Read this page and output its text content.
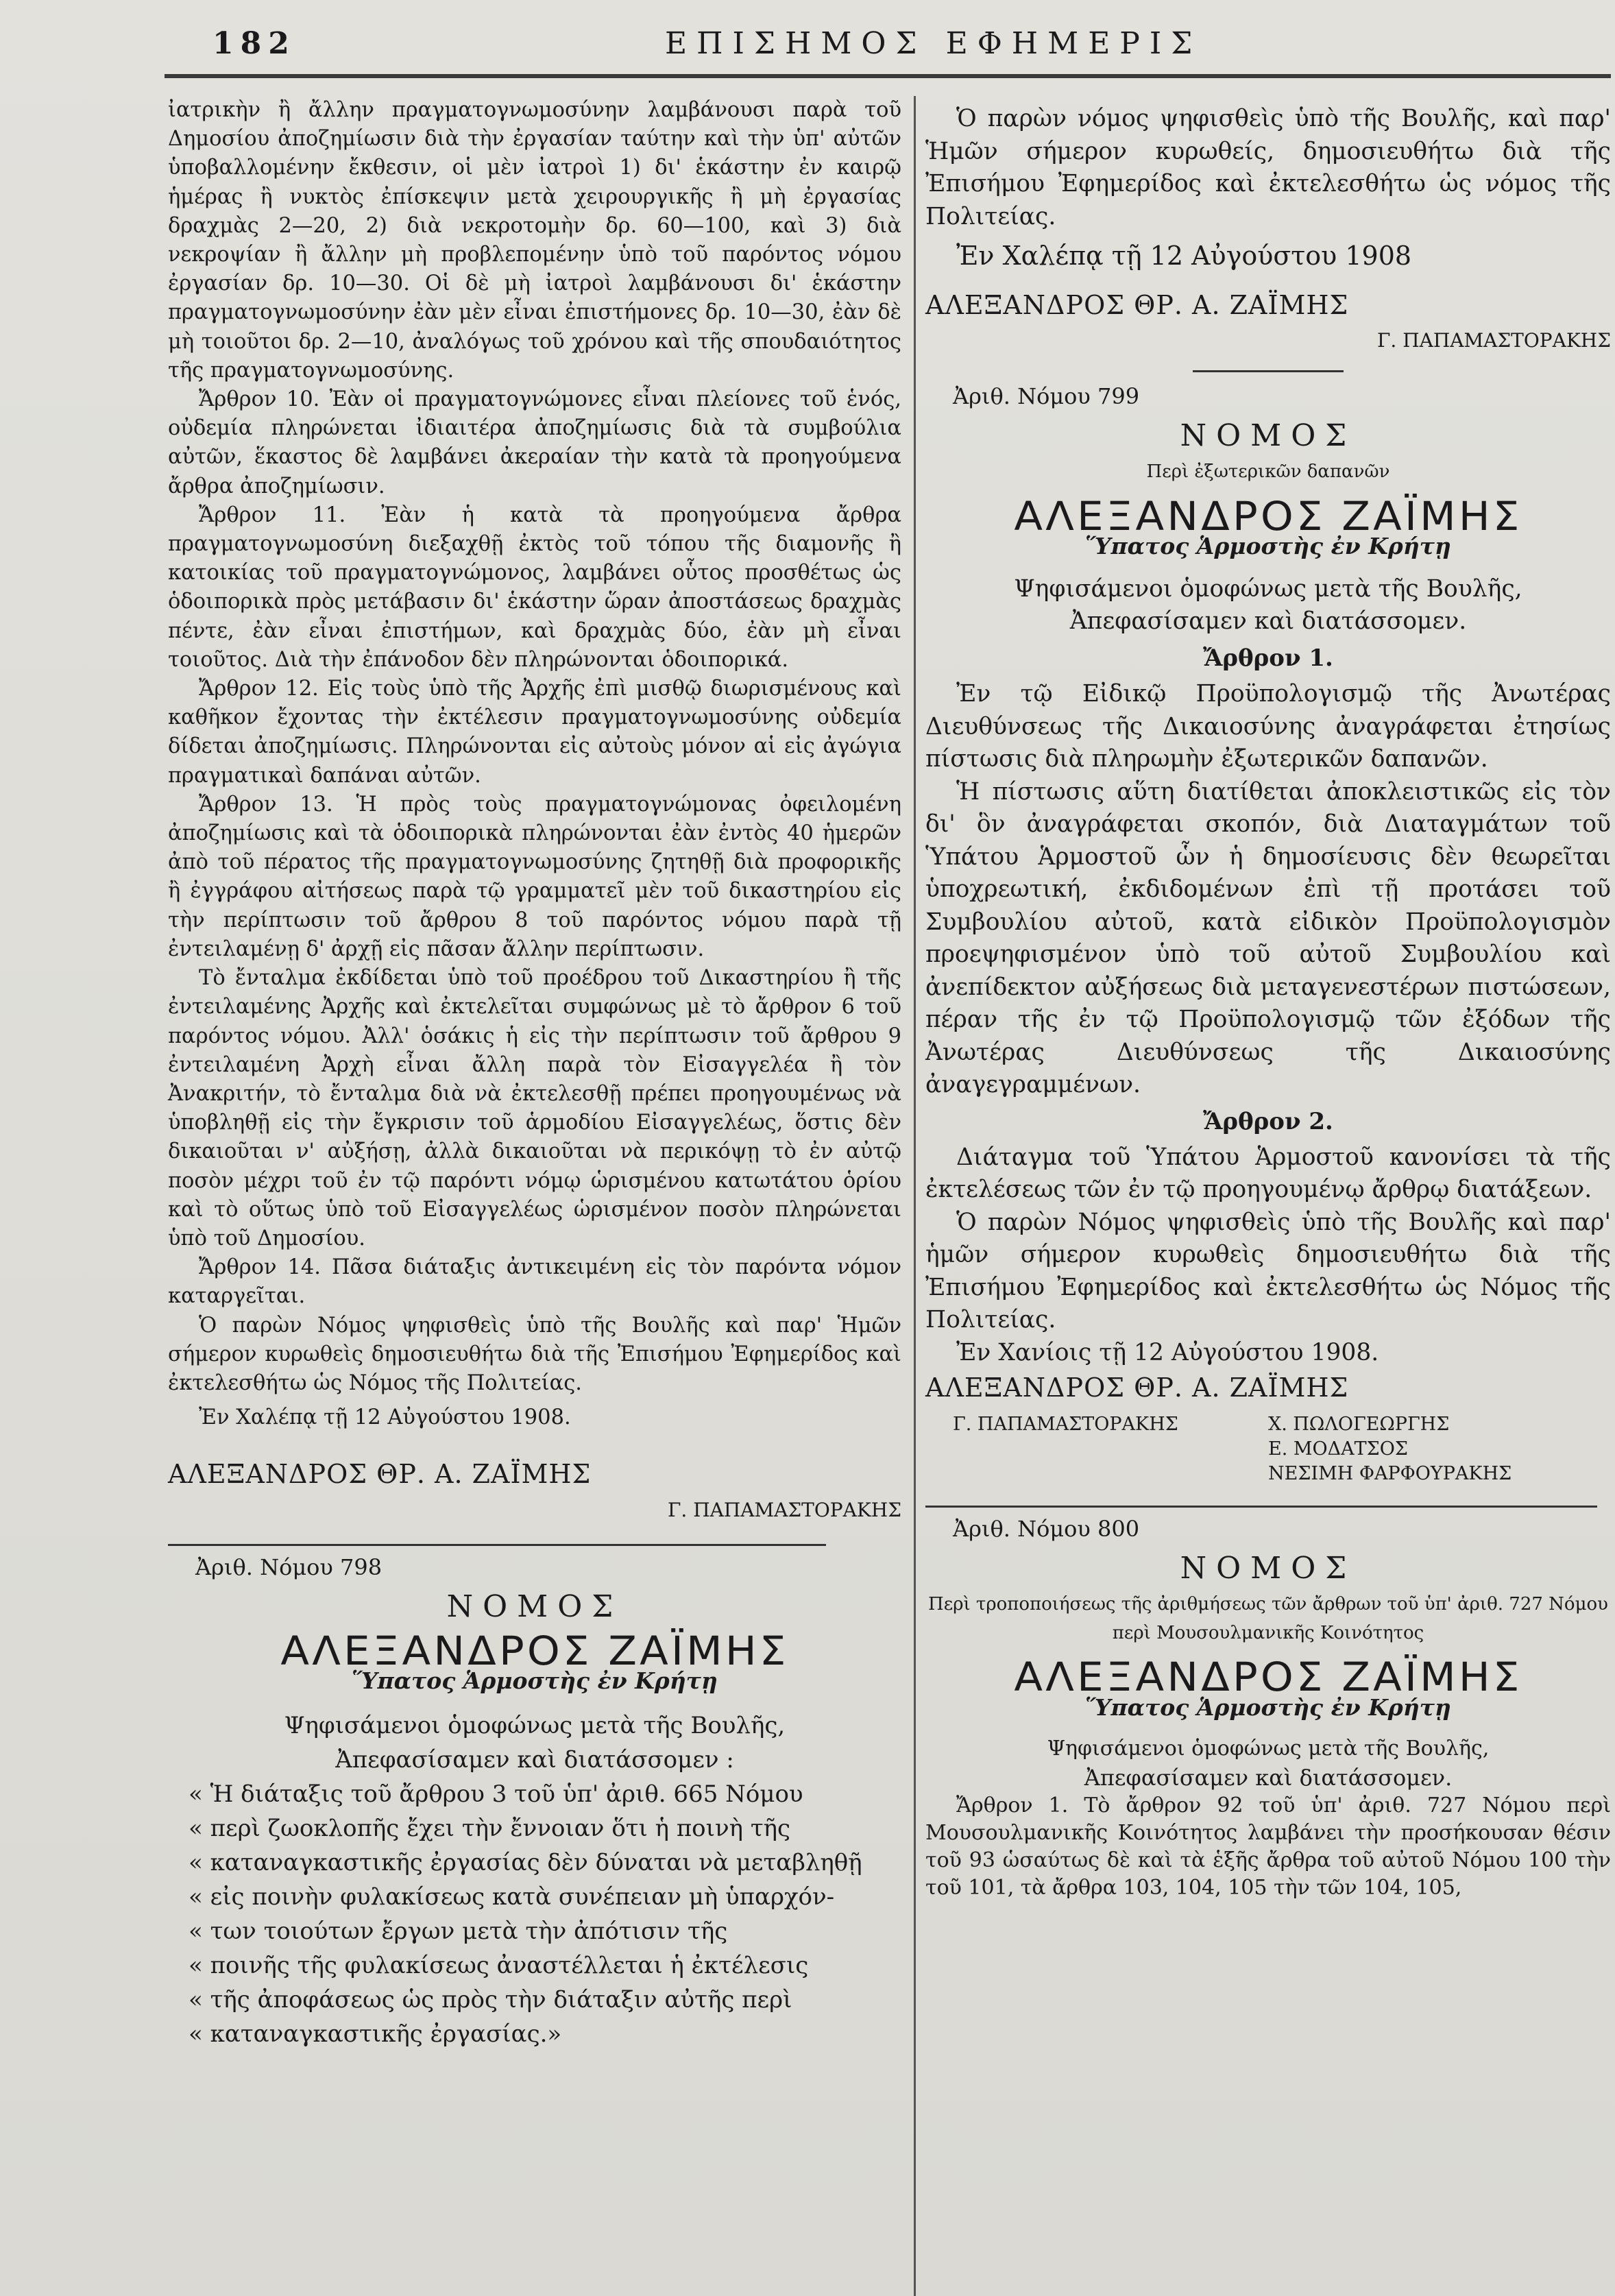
182	ΕΠΙΣΗΜΟΣ ΕΦΗΜΕΡΙΣ

ἰατρικὴν ἢ ἄλλην πραγματογνωμοσύνην λαμβάνουσι παρὰ τοῦ Δημοσίου ἀποζημίωσιν διὰ τὴν ἐργασίαν ταύτην καὶ τὴν ὑπ' αὐτῶν ὑποβαλλομένην ἔκθεσιν, οἱ μὲν ἰατροὶ 1) δι' ἑκάστην ἐν καιρῷ ἡμέρας ἢ νυκτὸς ἐπίσκεψιν μετὰ χειρουργικῆς ἢ μὴ ἐργασίας δραχμὰς 2—20, 2) διὰ νεκροτομὴν δρ. 60—100, καὶ 3) διὰ νεκροψίαν ἢ ἄλλην μὴ προβλεπομένην ὑπὸ τοῦ παρόντος νόμου ἐργασίαν δρ. 10—30. Οἱ δὲ μὴ ἰατροὶ λαμβάνουσι δι' ἑκάστην πραγματογνωμοσύνην ἐὰν μὲν εἶναι ἐπιστήμονες δρ. 10—30, ἐὰν δὲ μὴ τοιοῦτοι δρ. 2—10, ἀναλόγως τοῦ χρόνου καὶ τῆς σπουδαιότητος τῆς πραγματογνωμοσύνης.

Ἄρθρον 10. Ἐὰν οἱ πραγματογνώμονες εἶναι πλείονες τοῦ ἑνός, οὐδεμία πληρώνεται ἰδιαιτέρα ἀποζημίωσις διὰ τὰ συμβούλια αὐτῶν, ἕκαστος δὲ λαμβάνει ἀκεραίαν τὴν κατὰ τὰ προηγούμενα ἄρθρα ἀποζημίωσιν.

Ἄρθρον 11. Ἐὰν ἡ κατὰ τὰ προηγούμενα ἄρθρα πραγματογνωμοσύνη διεξαχθῇ ἐκτὸς τοῦ τόπου τῆς διαμονῆς ἢ κατοικίας τοῦ πραγματογνώμονος, λαμβάνει οὗτος προσθέτως ὡς ὁδοιπορικὰ πρὸς μετάβασιν δι' ἑκάστην ὥραν ἀποστάσεως δραχμὰς πέντε, ἐὰν εἶναι ἐπιστήμων, καὶ δραχμὰς δύο, ἐὰν μὴ εἶναι τοιοῦτος. Διὰ τὴν ἐπάνοδον δὲν πληρώνονται ὁδοιπορικά.

Ἄρθρον 12. Εἰς τοὺς ὑπὸ τῆς Ἀρχῆς ἐπὶ μισθῷ διωρισμένους καὶ καθῆκον ἔχοντας τὴν ἐκτέλεσιν πραγματογνωμοσύνης οὐδεμία δίδεται ἀποζημίωσις. Πληρώνονται εἰς αὐτοὺς μόνον αἱ εἰς ἀγώγια πραγματικαὶ δαπάναι αὐτῶν.

Ἄρθρον 13. Ἡ πρὸς τοὺς πραγματογνώμονας ὀφειλομένη ἀποζημίωσις καὶ τὰ ὁδοιπορικὰ πληρώνονται ἐὰν ἐντὸς 40 ἡμερῶν ἀπὸ τοῦ πέρατος τῆς πραγματογνωμοσύνης ζητηθῇ διὰ προφορικῆς ἢ ἐγγράφου αἰτήσεως παρὰ τῷ γραμματεῖ μὲν τοῦ δικαστηρίου εἰς τὴν περίπτωσιν τοῦ ἄρθρου 8 τοῦ παρόντος νόμου παρὰ τῇ ἐντειλαμένῃ δ' ἀρχῇ εἰς πᾶσαν ἄλλην περίπτωσιν.

Τὸ ἔνταλμα ἐκδίδεται ὑπὸ τοῦ προέδρου τοῦ Δικαστηρίου ἢ τῆς ἐντειλαμένης Ἀρχῆς καὶ ἐκτελεῖται συμφώνως μὲ τὸ ἄρθρον 6 τοῦ παρόντος νόμου. Ἀλλ' ὁσάκις ἡ εἰς τὴν περίπτωσιν τοῦ ἄρθρου 9 ἐντειλαμένη Ἀρχὴ εἶναι ἄλλη παρὰ τὸν Εἰσαγγελέα ἢ τὸν Ἀνακριτήν, τὸ ἔνταλμα διὰ νὰ ἐκτελεσθῇ πρέπει προηγουμένως νὰ ὑποβληθῇ εἰς τὴν ἔγκρισιν τοῦ ἁρμοδίου Εἰσαγγελέως, ὅστις δὲν δικαιοῦται ν' αὐξήσῃ, ἀλλὰ δικαιοῦται νὰ περικόψῃ τὸ ἐν αὐτῷ ποσὸν μέχρι τοῦ ἐν τῷ παρόντι νόμῳ ὡρισμένου κατωτάτου ὁρίου καὶ τὸ οὕτως ὑπὸ τοῦ Εἰσαγγελέως ὡρισμένον ποσὸν πληρώνεται ὑπὸ τοῦ Δημοσίου.

Ἄρθρον 14. Πᾶσα διάταξις ἀντικειμένη εἰς τὸν παρόντα νόμον καταργεῖται.

Ὁ παρὼν Νόμος ψηφισθεὶς ὑπὸ τῆς Βουλῆς καὶ παρ' Ἡμῶν σήμερον κυρωθεὶς δημοσιευθήτω διὰ τῆς Ἐπισήμου Ἐφημερίδος καὶ ἐκτελεσθήτω ὡς Νόμος τῆς Πολιτείας.

Ἐν Χαλέπᾳ τῇ 12 Αὐγούστου 1908.

ΑΛΕΞΑΝΔΡΟΣ ΘΡ. Α. ΖΑΪΜΗΣ
Γ. ΠΑΠΑΜΑΣΤΟΡΑΚΗΣ
Ἀριθ. Νόμου 798
ΝΟΜΟΣ
ΑΛΕΞΑΝΔΡΟΣ ΖΑΪΜΗΣ
Ὕπατος Ἁρμοστὴς ἐν Κρήτῃ
Ψηφισάμενοι ὁμοφώνως μετὰ τῆς Βουλῆς,
Ἀπεφασίσαμεν καὶ διατάσσομεν :
« Ἡ διάταξις τοῦ ἄρθρου 3 τοῦ ὑπ' ἀριθ. 665 Νόμου
« περὶ ζωοκλοπῆς ἔχει τὴν ἔννοιαν ὅτι ἡ ποινὴ τῆς
« καταναγκαστικῆς ἐργασίας δὲν δύναται νὰ μεταβληθῇ
« εἰς ποινὴν φυλακίσεως κατὰ συνέπειαν μὴ ὑπαρχόν-
« των τοιούτων ἔργων μετὰ τὴν ἀπότισιν τῆς
« ποινῆς τῆς φυλακίσεως ἀναστέλλεται ἡ ἐκτέλεσις
« τῆς ἀποφάσεως ὡς πρὸς τὴν διάταξιν αὐτῆς περὶ
« καταναγκαστικῆς ἐργασίας.»

Ὁ παρὼν νόμος ψηφισθεὶς ὑπὸ τῆς Βουλῆς, καὶ παρ' Ἡμῶν σήμερον κυρωθείς, δημοσιευθήτω διὰ τῆς Ἐπισήμου Ἐφημερίδος καὶ ἐκτελεσθήτω ὡς νόμος τῆς Πολιτείας.

Ἐν Χαλέπᾳ τῇ 12 Αὐγούστου 1908

ΑΛΕΞΑΝΔΡΟΣ ΘΡ. Α. ΖΑΪΜΗΣ
Γ. ΠΑΠΑΜΑΣΤΟΡΑΚΗΣ
Ἀριθ. Νόμου 799
ΝΟΜΟΣ
Περὶ ἐξωτερικῶν δαπανῶν
ΑΛΕΞΑΝΔΡΟΣ ΖΑΪΜΗΣ
Ὕπατος Ἁρμοστὴς ἐν Κρήτῃ
Ψηφισάμενοι ὁμοφώνως μετὰ τῆς Βουλῆς,
Ἀπεφασίσαμεν καὶ διατάσσομεν.
Ἄρθρον 1.

Ἐν τῷ Εἰδικῷ Προϋπολογισμῷ τῆς Ἀνωτέρας Διευθύνσεως τῆς Δικαιοσύνης ἀναγράφεται ἐτησίως πίστωσις διὰ πληρωμὴν ἐξωτερικῶν δαπανῶν.

Ἡ πίστωσις αὕτη διατίθεται ἀποκλειστικῶς εἰς τὸν δι' ὃν ἀναγράφεται σκοπόν, διὰ Διαταγμάτων τοῦ Ὑπάτου Ἁρμοστοῦ ὧν ἡ δημοσίευσις δὲν θεωρεῖται ὑποχρεωτική, ἐκδιδομένων ἐπὶ τῇ προτάσει τοῦ Συμβουλίου αὐτοῦ, κατὰ εἰδικὸν Προϋπολογισμὸν προεψηφισμένον ὑπὸ τοῦ αὐτοῦ Συμβουλίου καὶ ἀνεπίδεκτον αὐξήσεως διὰ μεταγενεστέρων πιστώσεων, πέραν τῆς ἐν τῷ Προϋπολογισμῷ τῶν ἐξόδων τῆς Ἀνωτέρας Διευθύνσεως τῆς Δικαιοσύνης ἀναγεγραμμένων.

Ἄρθρον 2.

Διάταγμα τοῦ Ὑπάτου Ἁρμοστοῦ κανονίσει τὰ τῆς ἐκτελέσεως τῶν ἐν τῷ προηγουμένῳ ἄρθρῳ διατάξεων.

Ὁ παρὼν Νόμος ψηφισθεὶς ὑπὸ τῆς Βουλῆς καὶ παρ' ἡμῶν σήμερον κυρωθεὶς δημοσιευθήτω διὰ τῆς Ἐπισήμου Ἐφημερίδος καὶ ἐκτελεσθήτω ὡς Νόμος τῆς Πολιτείας.

Ἐν Χανίοις τῇ 12 Αὐγούστου 1908.

ΑΛΕΞΑΝΔΡΟΣ ΘΡ. Α. ΖΑΪΜΗΣ
Γ. ΠΑΠΑΜΑΣΤΟΡΑΚΗΣ	Χ. ΠΩΛΟΓΕΩΡΓΗΣ
Ε. ΜΟΔΑΤΣΟΣ
ΝΕΣΙΜΗ ΦΑΡΦΟΥΡΑΚΗΣ
Ἀριθ. Νόμου 800
ΝΟΜΟΣ
Περὶ τροποποιήσεως τῆς ἀριθμήσεως τῶν ἄρθρων τοῦ ὑπ' ἀριθ. 727 Νόμου περὶ Μουσουλμανικῆς Κοινότητος
ΑΛΕΞΑΝΔΡΟΣ ΖΑΪΜΗΣ
Ὕπατος Ἁρμοστὴς ἐν Κρήτῃ
Ψηφισάμενοι ὁμοφώνως μετὰ τῆς Βουλῆς,
Ἀπεφασίσαμεν καὶ διατάσσομεν.

Ἄρθρον 1. Τὸ ἄρθρον 92 τοῦ ὑπ' ἀριθ. 727 Νόμου περὶ Μουσουλμανικῆς Κοινότητος λαμβάνει τὴν προσήκουσαν θέσιν τοῦ 93 ὡσαύτως δὲ καὶ τὰ ἑξῆς ἄρθρα τοῦ αὐτοῦ Νόμου 100 τὴν τοῦ 101, τὰ ἄρθρα 103, 104, 105 τὴν τῶν 104, 105,
